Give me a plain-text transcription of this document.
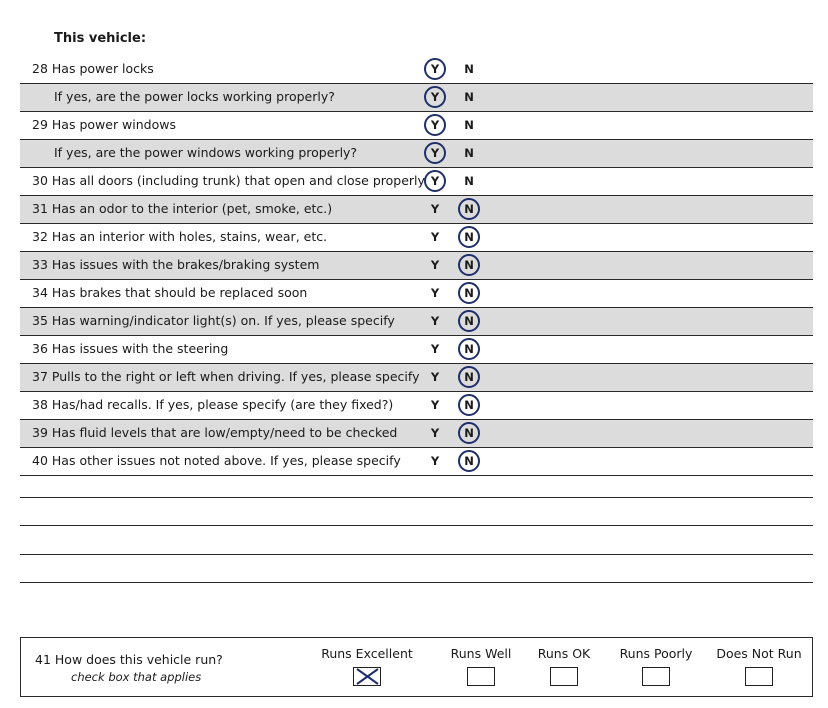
This vehicle:
28 Has power locks	Y	N
If yes, are the power locks working properly?	Y	N
29 Has power windows	Y	N
If yes, are the power windows working properly?	Y	N
30 Has all doors (including trunk) that open and close properly Y	N
31 Has an odor to the interior (pet, smoke, etc.)	Y	N
32 Has an interior with holes, stains, wear, etc.	Y	N
33 Has issues with the brakes/braking system	Y	N
34 Has brakes that should be replaced soon	Y	N
35 Has warning/indicator light(s) on. If yes, please specify	Y	N
36 Has issues with the steering	Y	N
37 Pulls to the right or left when driving. If yes, please specify Y	N
38 Has/had recalls. If yes, please specify (are they fixed?)	Y	N
39 Has fluid levels that are low/empty/need to be checked	Y	N
40 Has other issues not noted above. If yes, please specify	Y	N
41 How does this vehicle run?
check box that applies
Runs Excellent	Runs Well	Runs OK	Runs Poorly	Does Not Run
